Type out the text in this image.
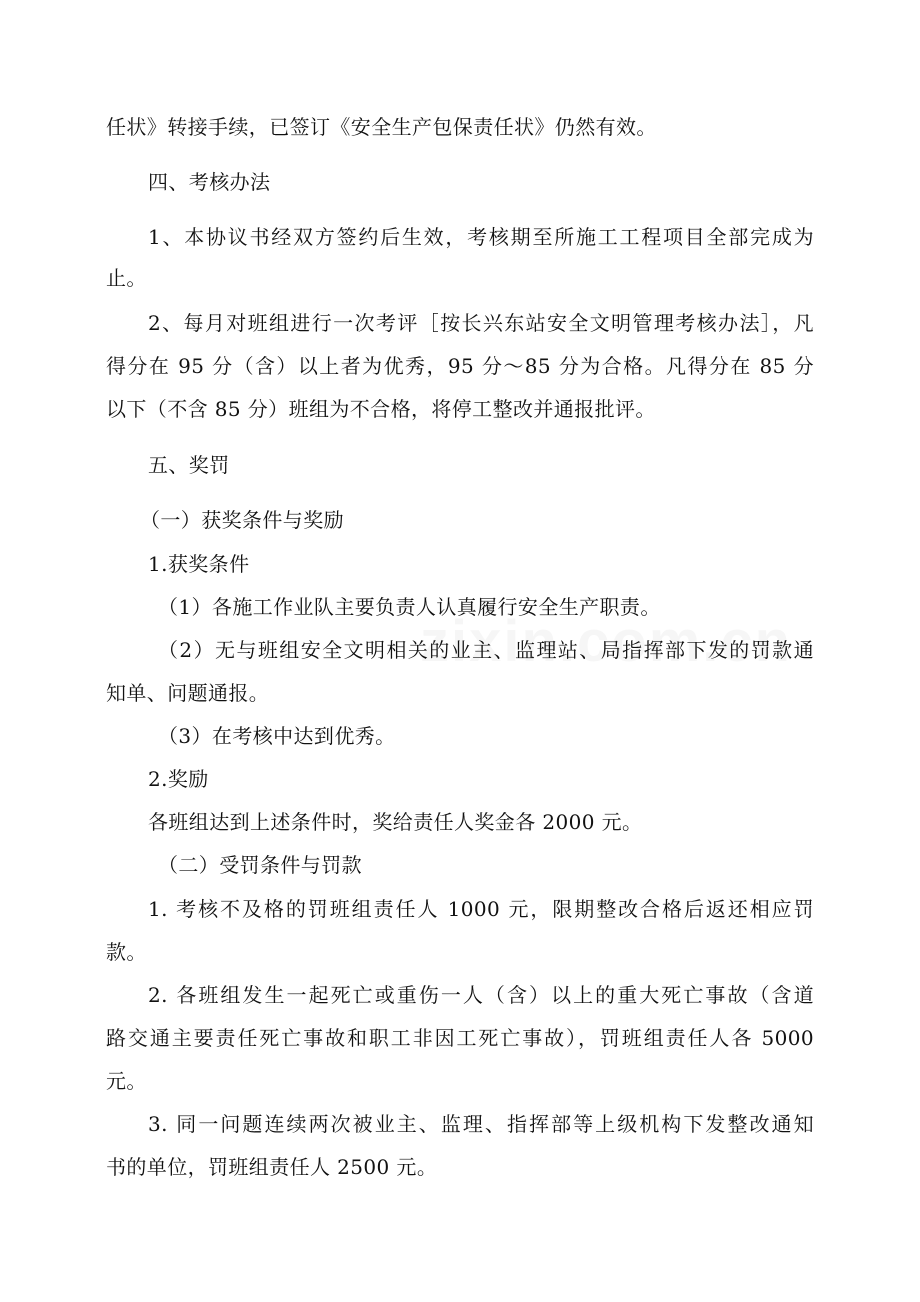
任状》转接手续，已签订《安全生产包保责任状》仍然有效。
四、考核办法
1、本协议书经双方签约后生效，考核期至所施工工程项目全部完成为
止。
2、每月对班组进行一次考评［按长兴东站安全文明管理考核办法］，凡
得分在 95 分（含）以上者为优秀，95 分～85 分为合格。凡得分在 85 分
以下（不含 85 分）班组为不合格，将停工整改并通报批评。
五、奖罚
（一）获奖条件与奖励
1.获奖条件
（1）各施工作业队主要负责人认真履行安全生产职责。
（2）无与班组安全文明相关的业主、监理站、局指挥部下发的罚款通
知单、问题通报。
（3）在考核中达到优秀。
2.奖励
各班组达到上述条件时，奖给责任人奖金各 2000 元。
（二）受罚条件与罚款
1. 考核不及格的罚班组责任人 1000 元，限期整改合格后返还相应罚
款。
2. 各班组发生一起死亡或重伤一人（含）以上的重大死亡事故（含道
路交通主要责任死亡事故和职工非因工死亡事故），罚班组责任人各 5000
元。
3. 同一问题连续两次被业主、监理、指挥部等上级机构下发整改通知
书的单位，罚班组责任人 2500 元。
